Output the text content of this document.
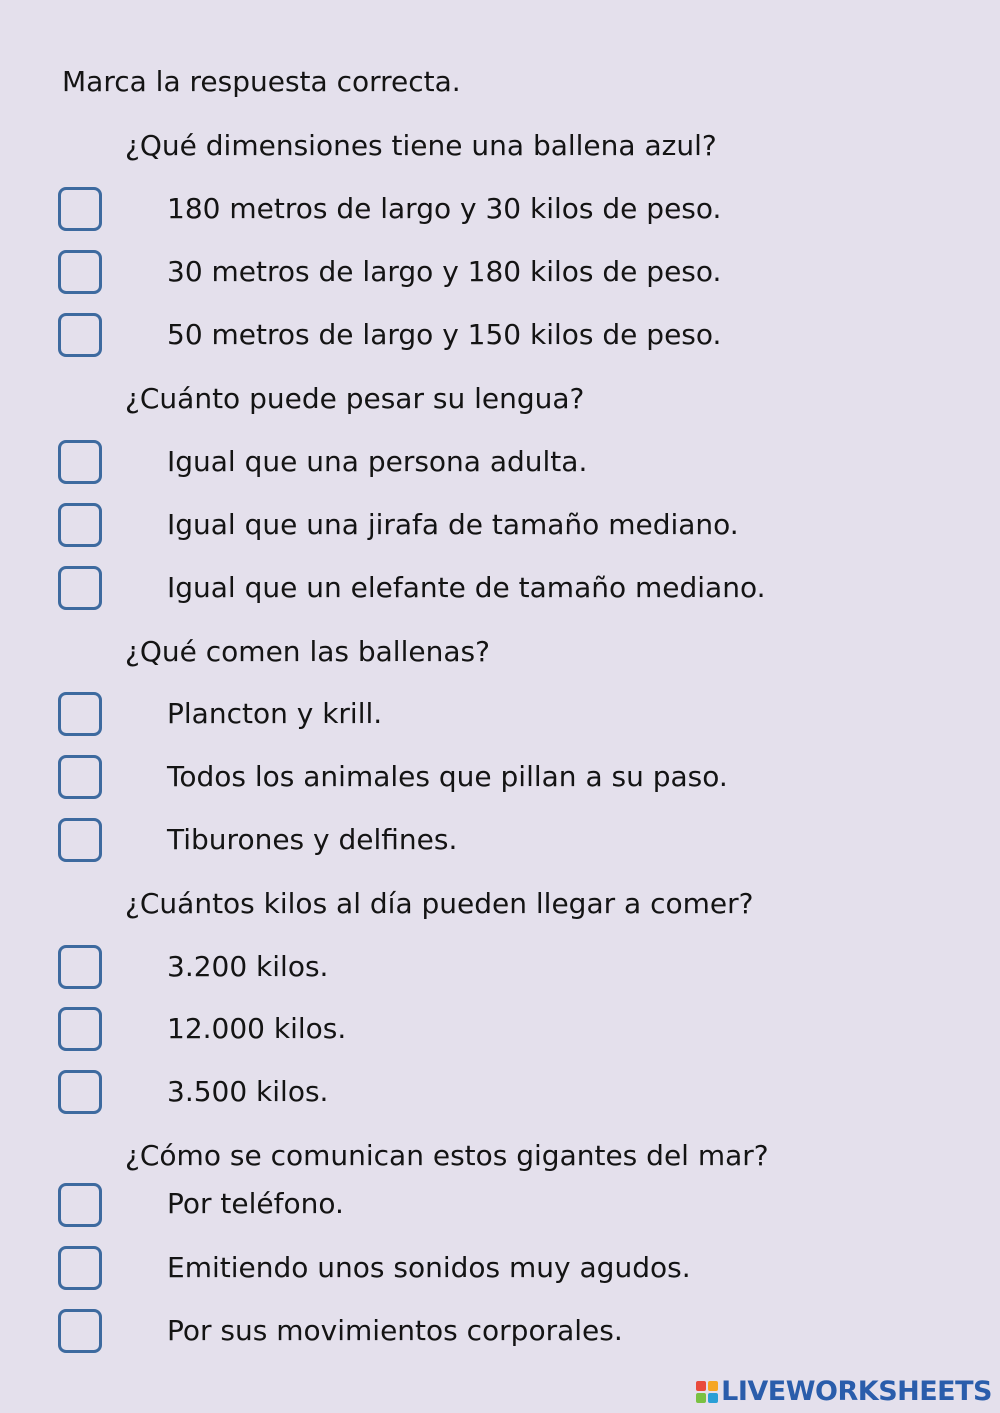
Marca la respuesta correcta.
¿Qué dimensiones tiene una ballena azul?
180 metros de largo y 30 kilos de peso.
30 metros de largo y 180 kilos de peso.
50 metros de largo y 150 kilos de peso.
¿Cuánto puede pesar su lengua?
Igual que una persona adulta.
Igual que una jirafa de tamaño mediano.
Igual que un elefante de tamaño mediano.
¿Qué comen las ballenas?
Plancton y krill.
Todos los animales que pillan a su paso.
Tiburones y delfines.
¿Cuántos kilos al día pueden llegar a comer?
3.200 kilos.
12.000 kilos.
3.500 kilos.
¿Cómo se comunican estos gigantes del mar?
Por teléfono.
Emitiendo unos sonidos muy agudos.
Por sus movimientos corporales.
LIVEWORKSHEETS
